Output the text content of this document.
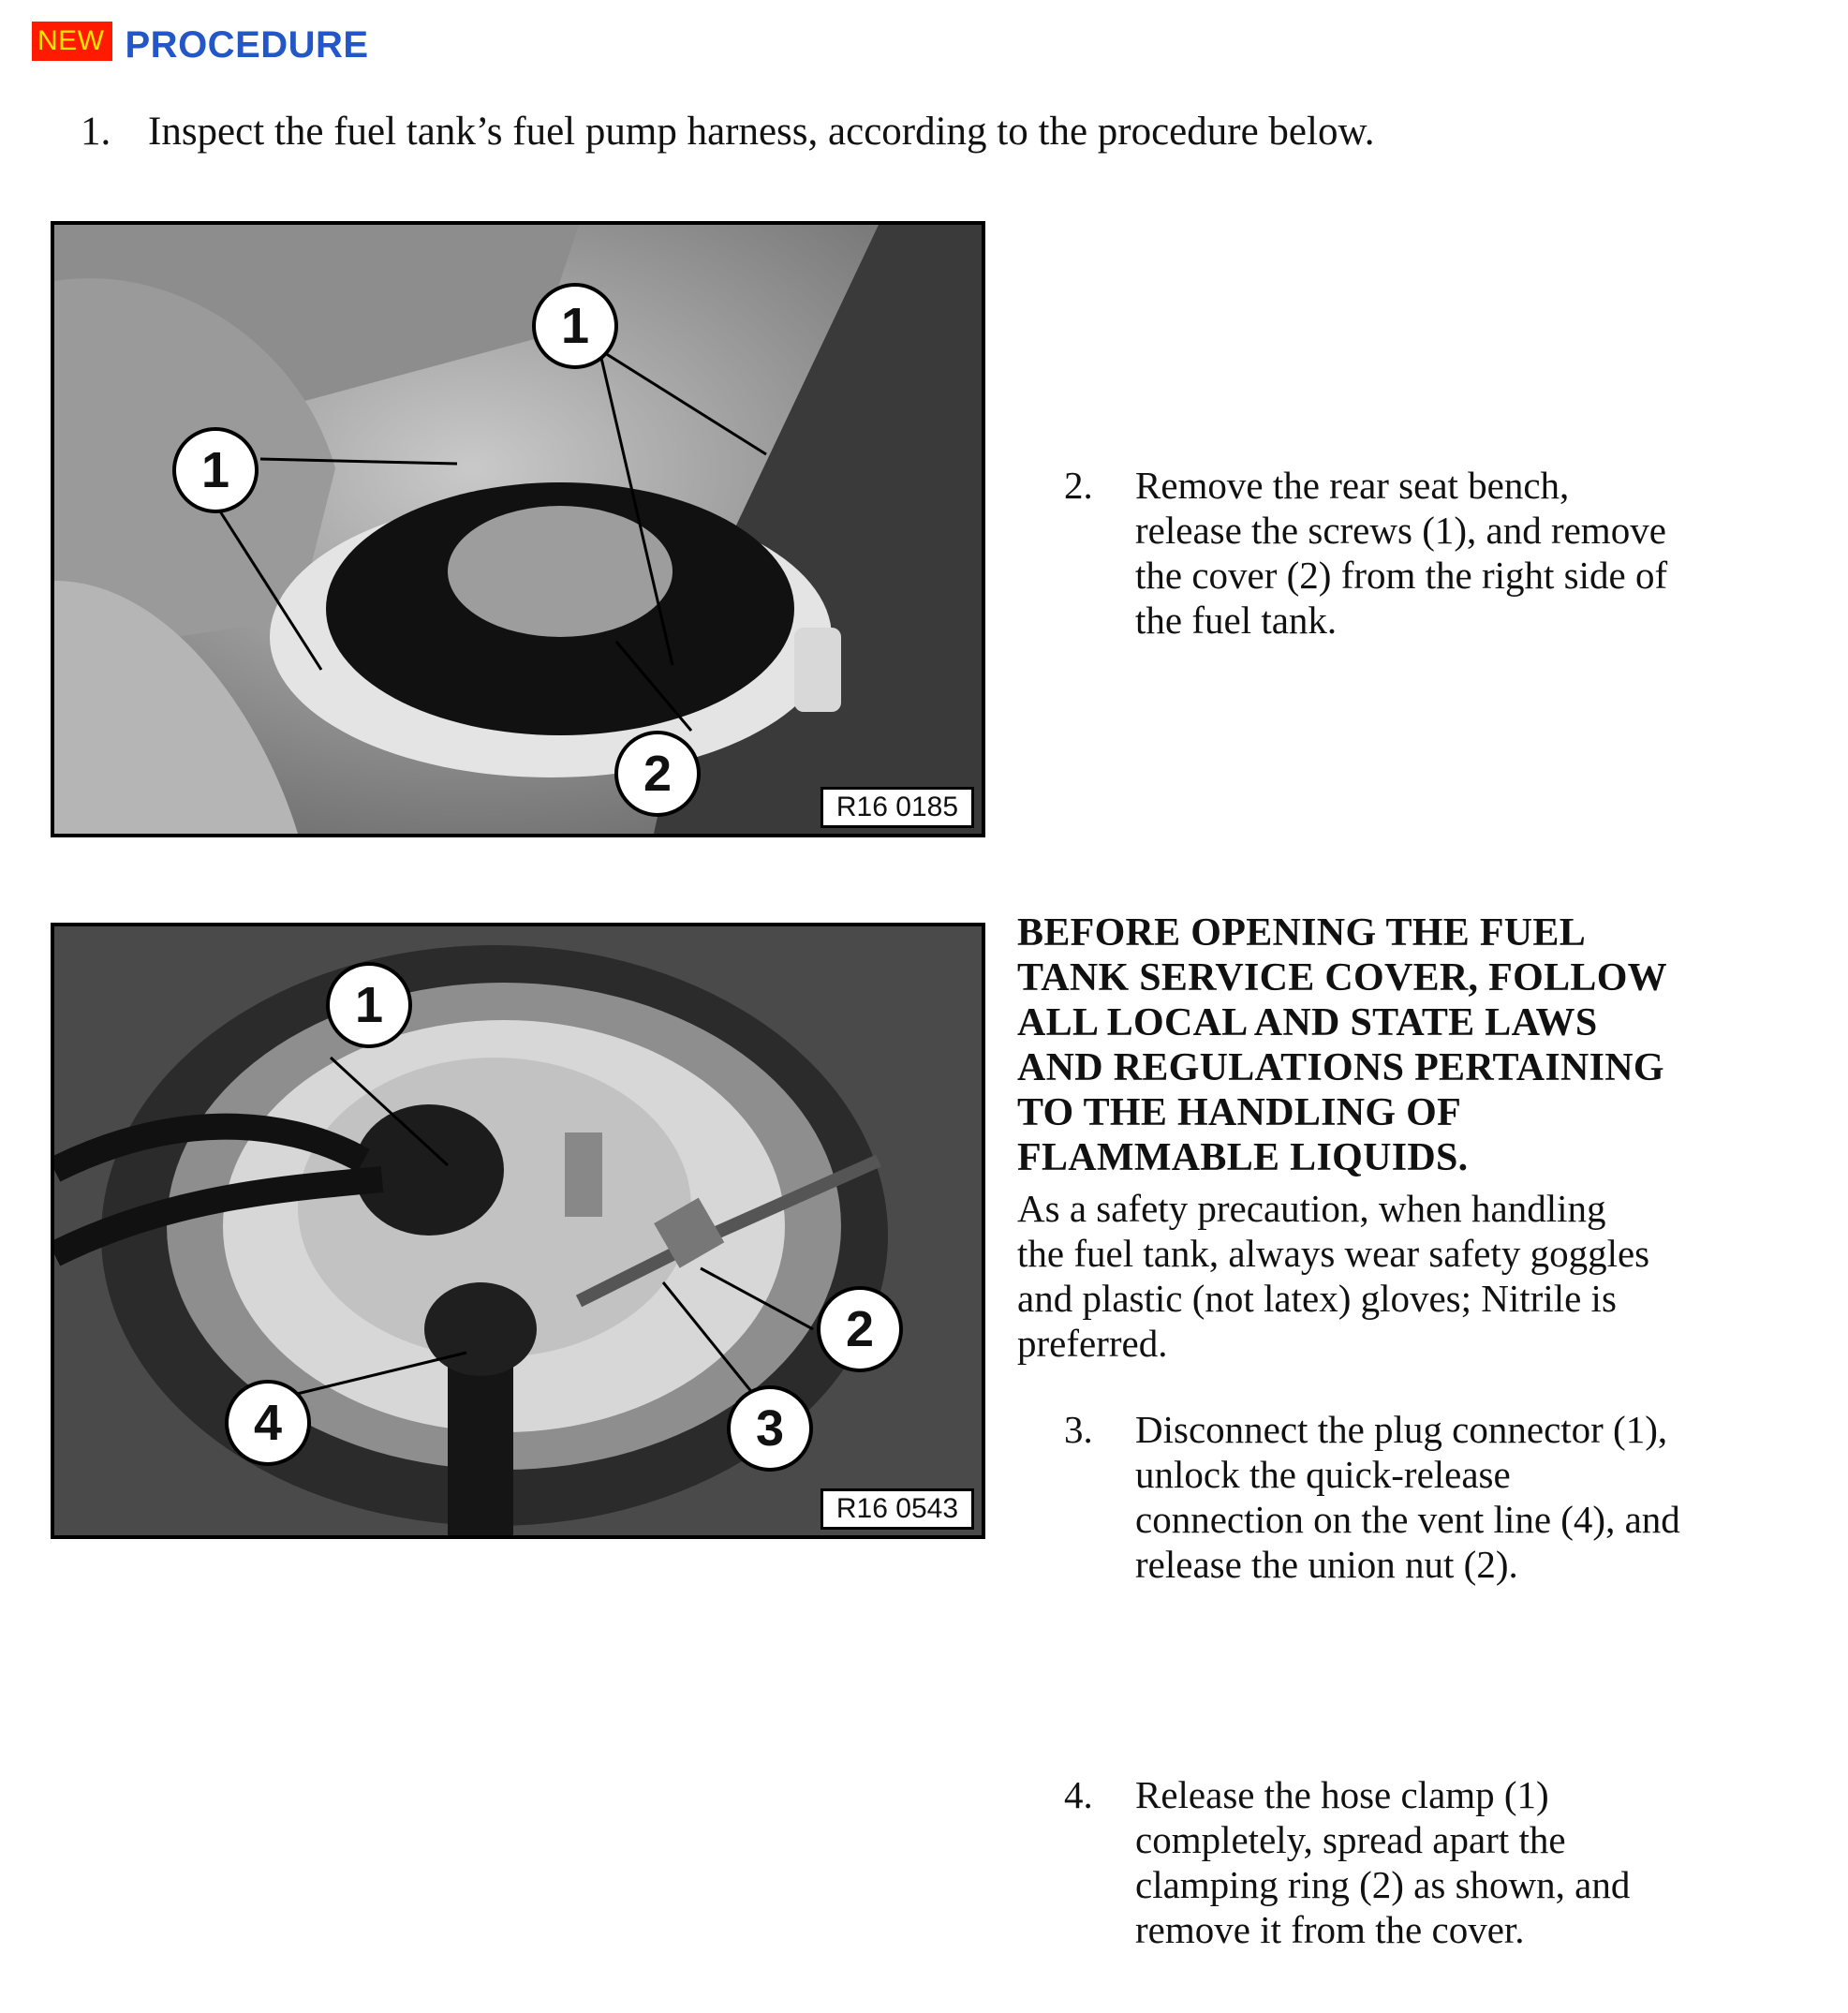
NEW PROCEDURE
1. Inspect the fuel tank’s fuel pump harness, according to the procedure below.
1
1
2
R16 0185
2. Remove the rear seat bench,
release the screws (1), and remove
the cover (2) from the right side of
the fuel tank.
1
2
3
4
R16 0543
BEFORE OPENING THE FUEL
TANK SERVICE COVER, FOLLOW
ALL LOCAL AND STATE LAWS
AND REGULATIONS PERTAINING
TO THE HANDLING OF
FLAMMABLE LIQUIDS.
As a safety precaution, when handling
the fuel tank, always wear safety goggles
and plastic (not latex) gloves; Nitrile is
preferred.
3. Disconnect the plug connector (1),
unlock the quick-release
connection on the vent line (4), and
release the union nut (2).
4. Release the hose clamp (1)
completely, spread apart the
clamping ring (2) as shown, and
remove it from the cover.
